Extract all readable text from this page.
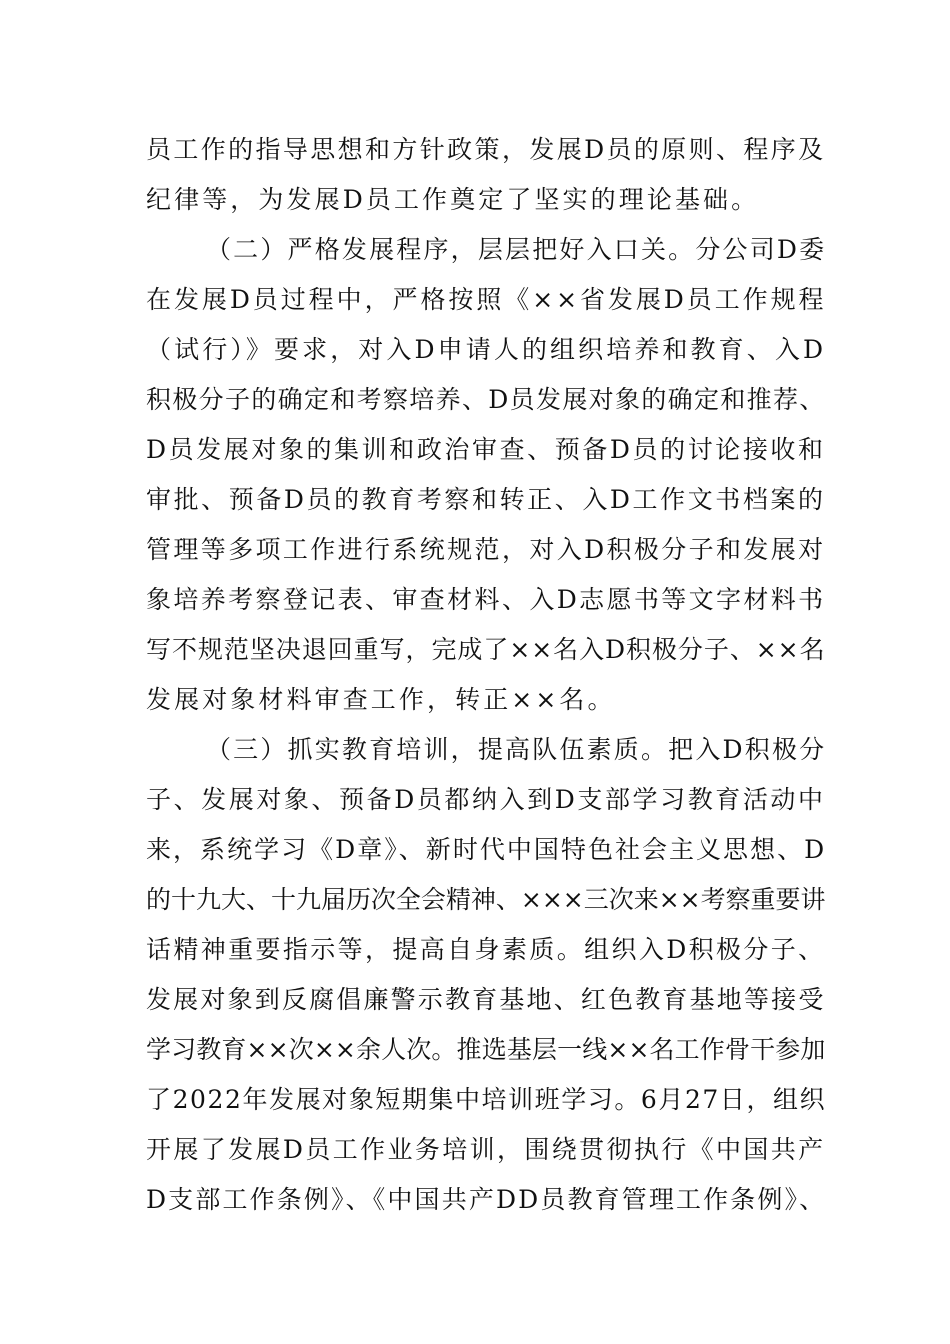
员工作的指导思想和方针政策，发展D员的原则、程序及
纪律等，为发展D员工作奠定了坚实的理论基础。
（二）严格发展程序，层层把好入口关。分公司D委
在发展D员过程中，严格按照《××省发展D员工作规程
（试行）》要求，对入D申请人的组织培养和教育、入D
积极分子的确定和考察培养、D员发展对象的确定和推荐、
D员发展对象的集训和政治审查、预备D员的讨论接收和
审批、预备D员的教育考察和转正、入D工作文书档案的
管理等多项工作进行系统规范，对入D积极分子和发展对
象培养考察登记表、审查材料、入D志愿书等文字材料书
写不规范坚决退回重写，完成了××名入D积极分子、××名
发展对象材料审查工作，转正××名。
（三）抓实教育培训，提高队伍素质。把入D积极分
子、发展对象、预备D员都纳入到D支部学习教育活动中
来，系统学习《D章》、新时代中国特色社会主义思想、D
的十九大、十九届历次全会精神、×××三次来××考察重要讲
话精神重要指示等，提高自身素质。组织入D积极分子、
发展对象到反腐倡廉警示教育基地、红色教育基地等接受
学习教育××次××余人次。推选基层一线××名工作骨干参加
了2022年发展对象短期集中培训班学习。6月27日，组织
开展了发展D员工作业务培训，围绕贯彻执行《中国共产
D支部工作条例》、《中国共产DD员教育管理工作条例》、
